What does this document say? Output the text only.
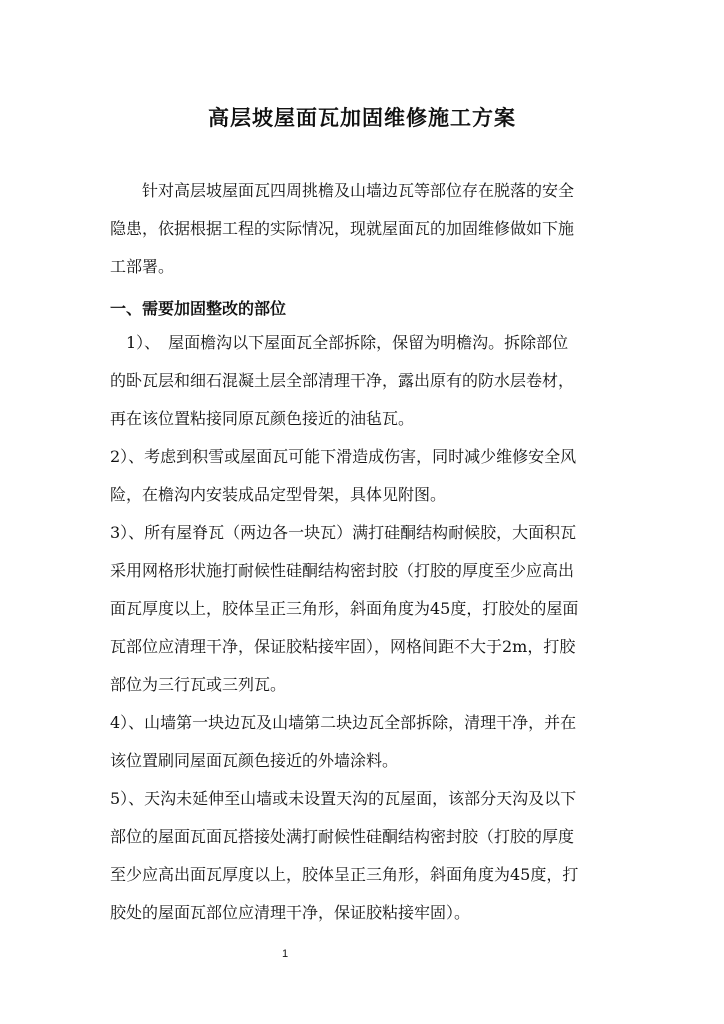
高层坡屋面瓦加固维修施工方案
　　针对高层坡屋面瓦四周挑檐及山墙边瓦等部位存在脱落的安全
隐患，依据根据工程的实际情况，现就屋面瓦的加固维修做如下施
工部署。
一、需要加固整改的部位
　1）、　屋面檐沟以下屋面瓦全部拆除，保留为明檐沟。拆除部位
的卧瓦层和细石混凝土层全部清理干净，露出原有的防水层卷材，
再在该位置粘接同原瓦颜色接近的油毡瓦。
2）、考虑到积雪或屋面瓦可能下滑造成伤害，同时减少维修安全风
险，在檐沟内安装成品定型骨架，具体见附图。
3）、所有屋脊瓦（两边各一块瓦）满打硅酮结构耐候胶，大面积瓦
采用网格形状施打耐候性硅酮结构密封胶（打胶的厚度至少应高出
面瓦厚度以上，胶体呈正三角形，斜面角度为45度，打胶处的屋面
瓦部位应清理干净，保证胶粘接牢固），网格间距不大于2m，打胶
部位为三行瓦或三列瓦。
4）、山墙第一块边瓦及山墙第二块边瓦全部拆除，清理干净，并在
该位置刷同屋面瓦颜色接近的外墙涂料。
5）、天沟未延伸至山墙或未设置天沟的瓦屋面，该部分天沟及以下
部位的屋面瓦面瓦搭接处满打耐候性硅酮结构密封胶（打胶的厚度
至少应高出面瓦厚度以上，胶体呈正三角形，斜面角度为45度，打
胶处的屋面瓦部位应清理干净，保证胶粘接牢固）。
1
